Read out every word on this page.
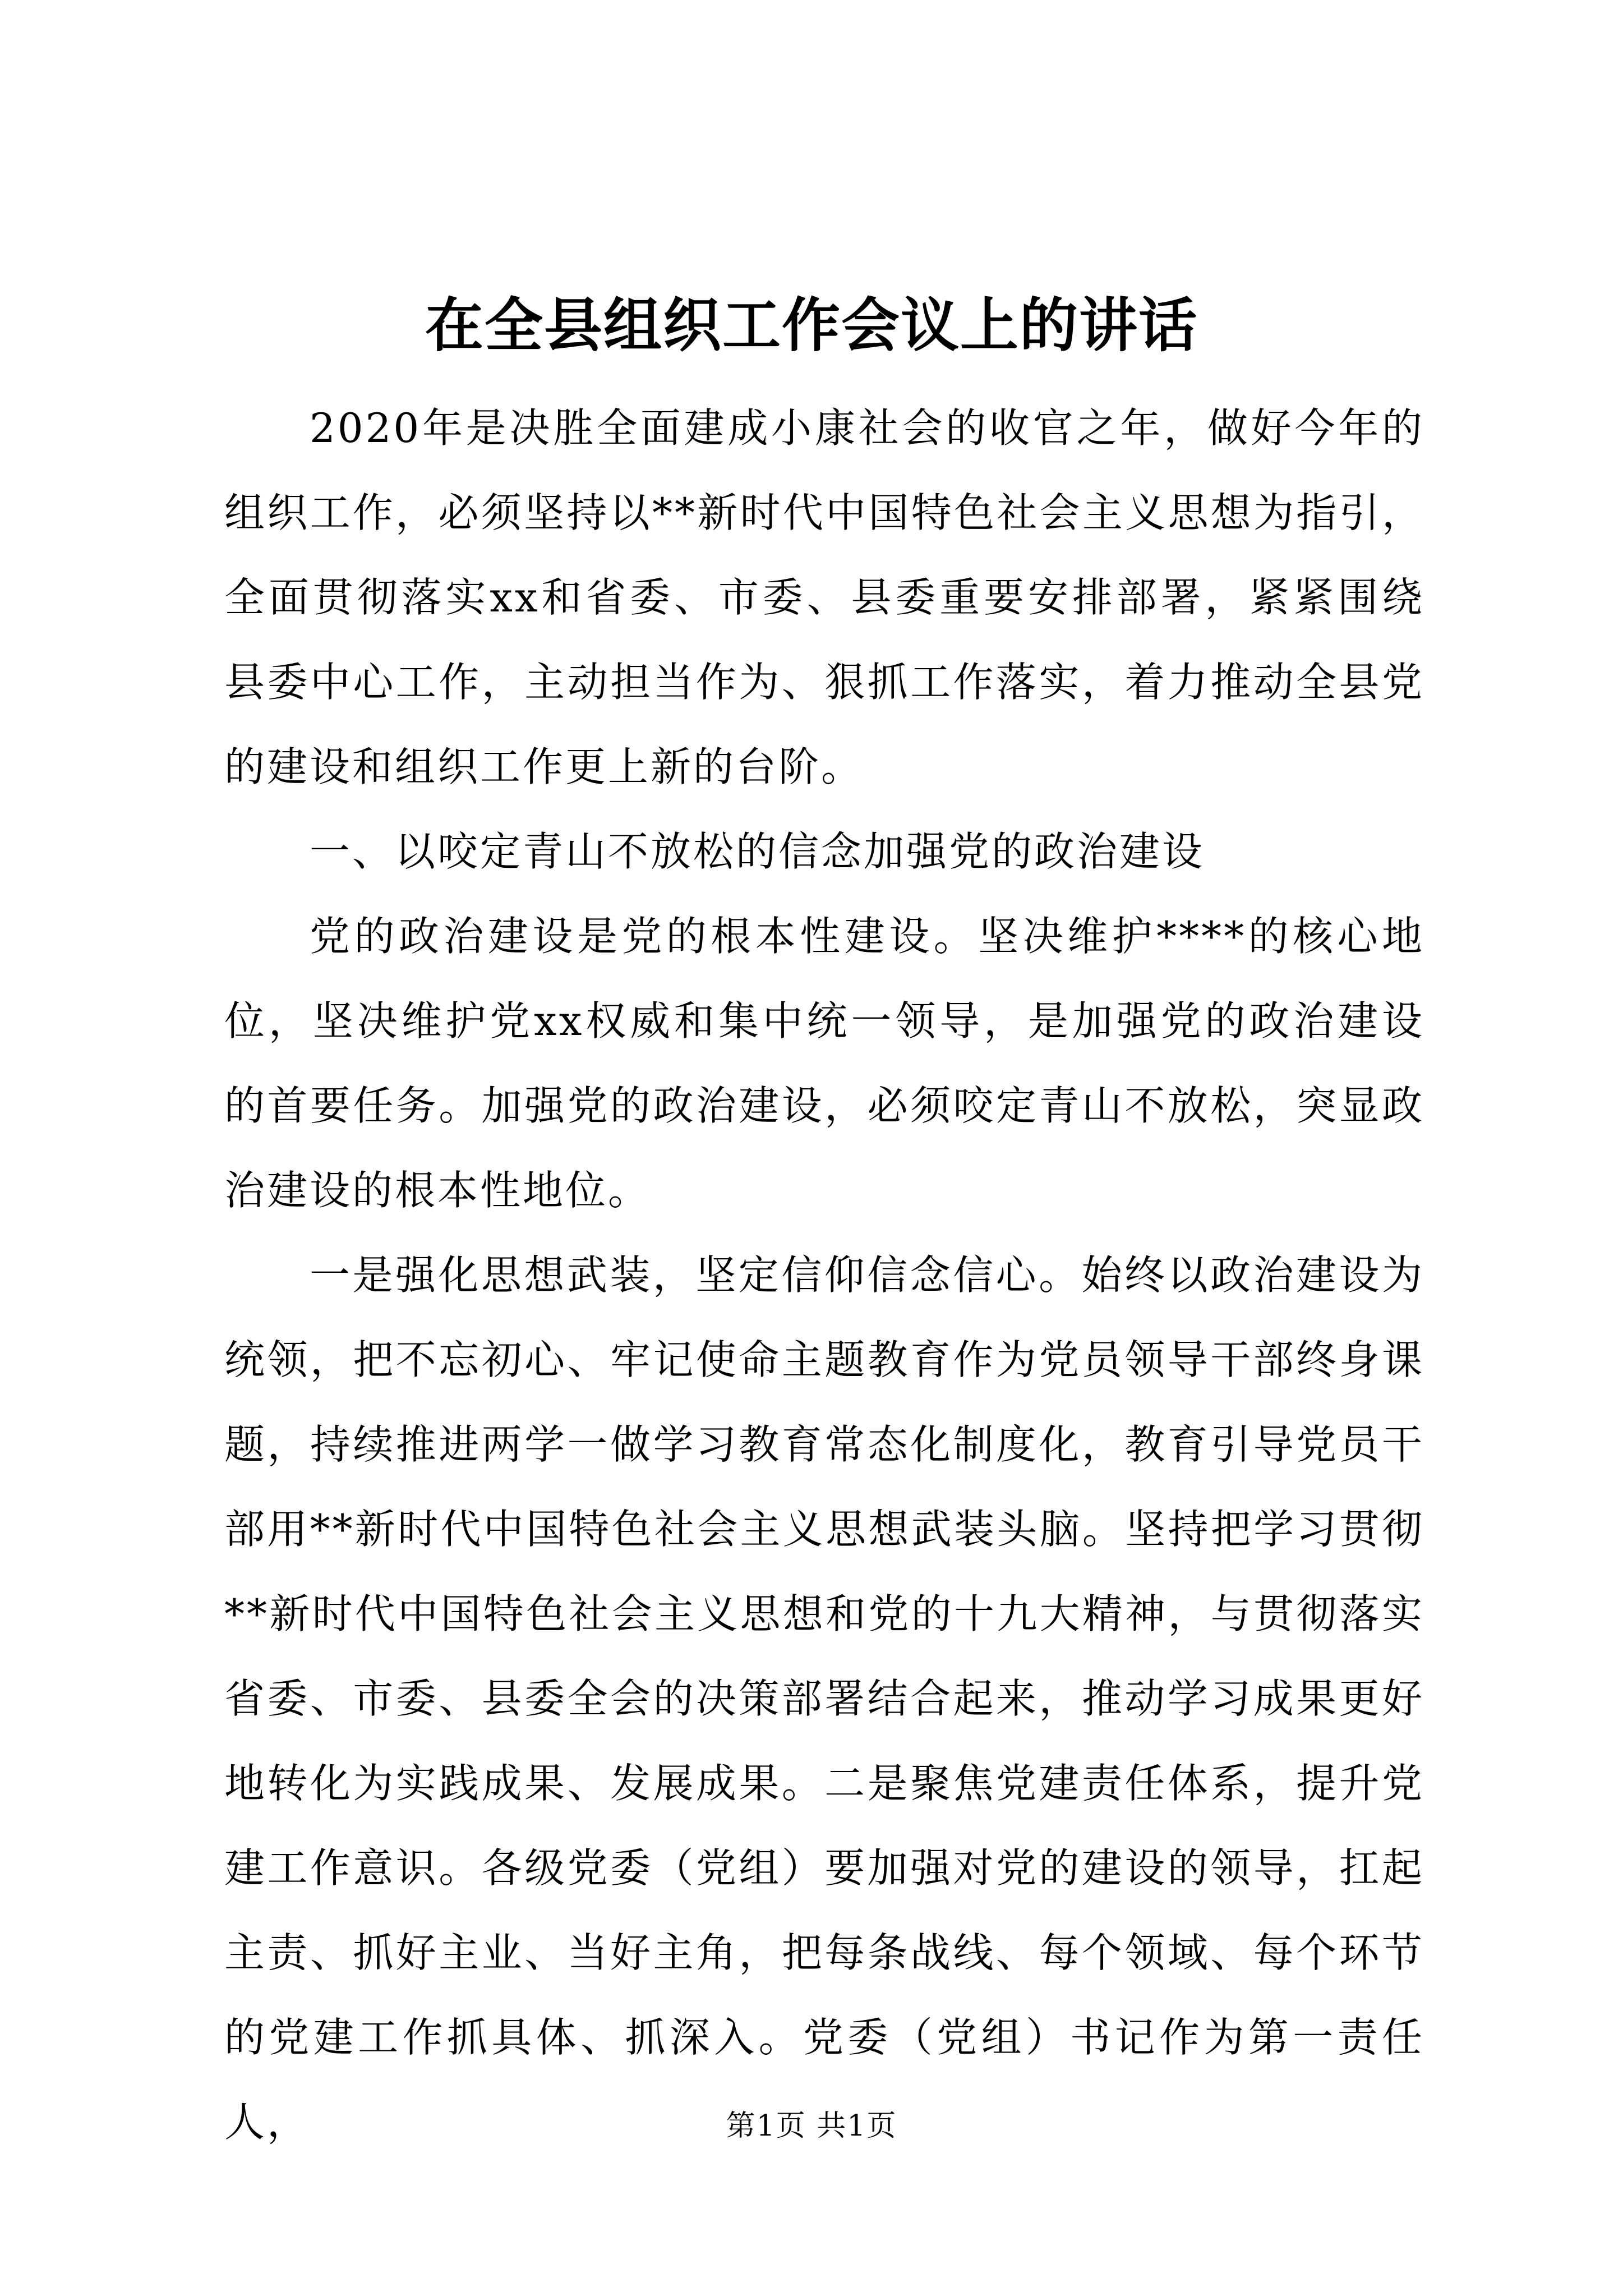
在全县组织工作会议上的讲话

2020年是决胜全面建成小康社会的收官之年，做好今年的组织工作，必须坚持以**新时代中国特色社会主义思想为指引，全面贯彻落实xx和省委、市委、县委重要安排部署，紧紧围绕县委中心工作，主动担当作为、狠抓工作落实，着力推动全县党的建设和组织工作更上新的台阶。

一、以咬定青山不放松的信念加强党的政治建设

党的政治建设是党的根本性建设。坚决维护****的核心地位，坚决维护党xx权威和集中统一领导，是加强党的政治建设的首要任务。加强党的政治建设，必须咬定青山不放松，突显政治建设的根本性地位。

一是强化思想武装，坚定信仰信念信心。始终以政治建设为统领，把不忘初心、牢记使命主题教育作为党员领导干部终身课题，持续推进两学一做学习教育常态化制度化，教育引导党员干部用**新时代中国特色社会主义思想武装头脑。坚持把学习贯彻**新时代中国特色社会主义思想和党的十九大精神，与贯彻落实省委、市委、县委全会的决策部署结合起来，推动学习成果更好地转化为实践成果、发展成果。二是聚焦党建责任体系，提升党建工作意识。各级党委（党组）要加强对党的建设的领导，扛起主责、抓好主业、当好主角，把每条战线、每个领域、每个环节的党建工作抓具体、抓深入。党委（党组）书记作为第一责任人，	第1页 共1页
